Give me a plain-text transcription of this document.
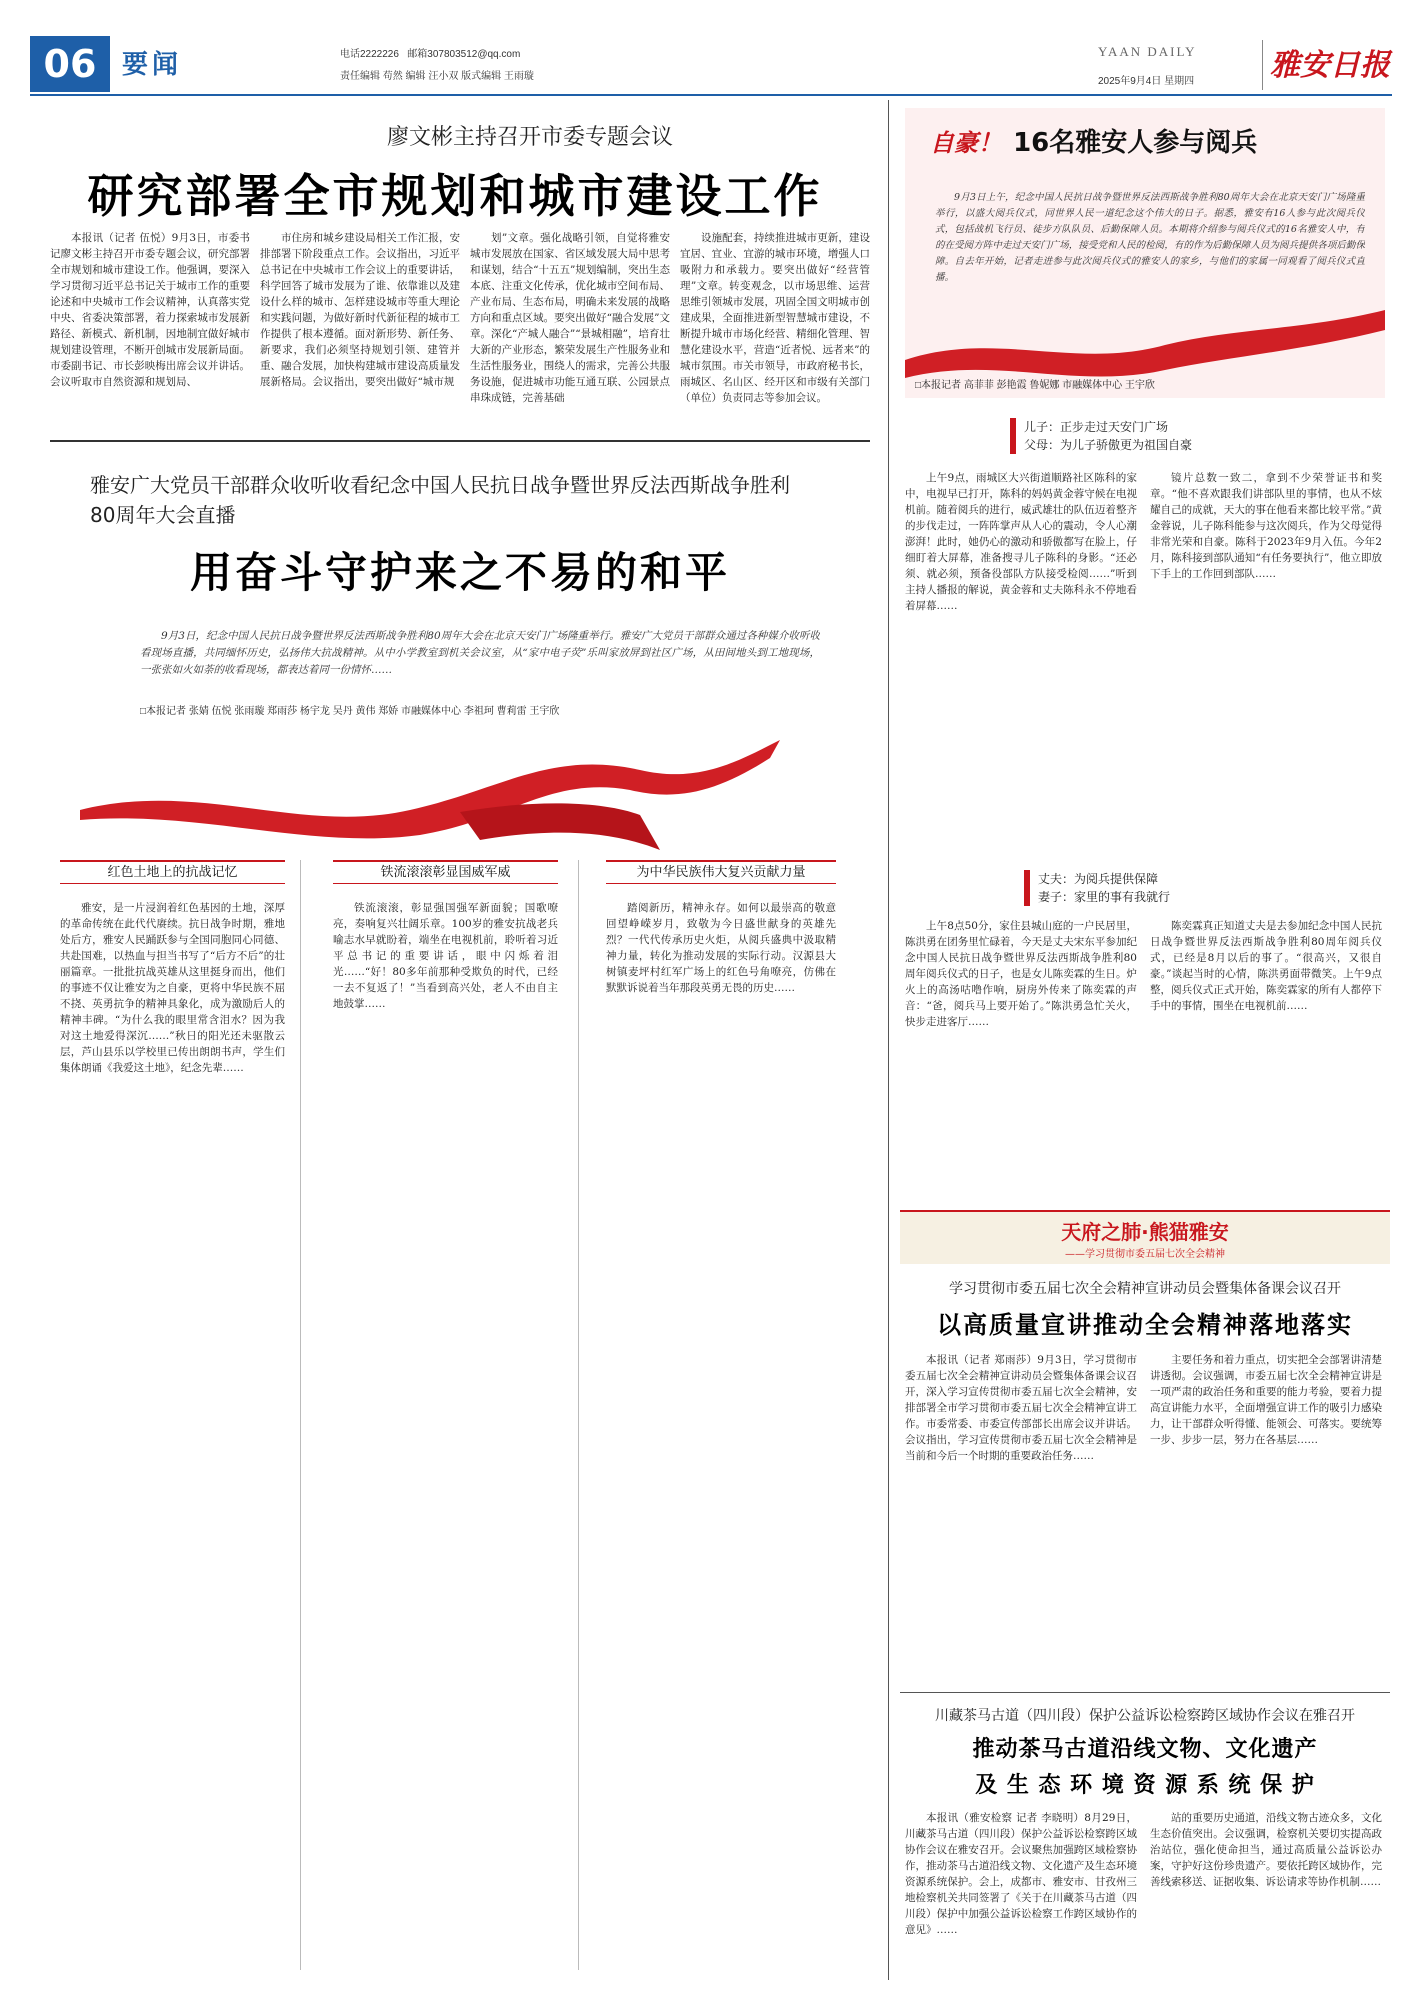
06 要闻	电话2222226 邮箱307803512@qq.com
责任编辑 苟然 编辑 汪小双 版式编辑 王雨璇
YAAN DAILY
2025年9月4日 星期四	雅安日报
廖文彬主持召开市委专题会议
研究部署全市规划和城市建设工作
本报讯（记者 伍悦）9月3日，市委书记廖文彬主持召开市委专题会议，研究部署全市规划和城市建设工作。他强调，要深入学习贯彻习近平总书记关于城市工作的重要论述和中央城市工作会议精神，认真落实党中央、省委决策部署，着力探索城市发展新路径、新模式、新机制，因地制宜做好城市规划建设管理，不断开创城市发展新局面。市委副书记、市长彭映梅出席会议并讲话。会议听取市自然资源和规划局、
市住房和城乡建设局相关工作汇报，安排部署下阶段重点工作。会议指出，习近平总书记在中央城市工作会议上的重要讲话，科学回答了城市发展为了谁、依靠谁以及建设什么样的城市、怎样建设城市等重大理论和实践问题，为做好新时代新征程的城市工作提供了根本遵循。面对新形势、新任务、新要求，我们必须坚持规划引领、建管并重、融合发展，加快构建城市建设高质量发展新格局。会议指出，要突出做好“城市规
划”文章。强化战略引领，自觉将雅安城市发展放在国家、省区域发展大局中思考和谋划，结合“十五五”规划编制，突出生态本底、注重文化传承，优化城市空间布局、产业布局、生态布局，明确未来发展的战略方向和重点区域。要突出做好“融合发展”文章。深化“产城人融合”“景城相融”，培育壮大新的产业形态，繁荣发展生产性服务业和生活性服务业，围绕人的需求，完善公共服务设施，促进城市功能互通互联、公园景点串珠成链，完善基础
设施配套，持续推进城市更新，建设宜居、宜业、宜游的城市环境，增强人口吸附力和承载力。要突出做好“经营管理”文章。转变观念，以市场思维、运营思维引领城市发展，巩固全国文明城市创建成果，全面推进新型智慧城市建设，不断提升城市市场化经营、精细化管理、智慧化建设水平，营造“近者悦、远者来”的城市氛围。市关市领导，市政府秘书长，雨城区、名山区、经开区和市级有关部门（单位）负责同志等参加会议。
雅安广大党员干部群众收听收看纪念中国人民抗日战争暨世界反法西斯战争胜利80周年大会直播
用奋斗守护来之不易的和平
9月3日，纪念中国人民抗日战争暨世界反法西斯战争胜利80周年大会在北京天安门广场隆重举行。雅安广大党员干部群众通过各种媒介收听收看现场直播，共同缅怀历史，弘扬伟大抗战精神。从中小学教室到机关会议室，从“家中电子荧”乐叫家放屏到社区广场，从田间地头到工地现场，一张张如火如荼的收看现场，都表达着同一份情怀……
□本报记者 张婧 伍悦 张雨璇 郑雨莎 杨宇龙 吴丹 黄伟 郑娇 市融媒体中心 李祖珂 曹莉雷 王宇欣
红色土地上的抗战记忆	铁流滚滚彰显国威军威	为中华民族伟大复兴贡献力量
雅安，是一片浸润着红色基因的土地，深厚的革命传统在此代代赓续。抗日战争时期，雅地处后方，雅安人民踊跃参与全国同胞同心同德、共赴国难，以热血与担当书写了“后方不后”的壮丽篇章。一批批抗战英雄从这里挺身而出，他们的事迹不仅让雅安为之自豪，更将中华民族不屈不挠、英勇抗争的精神具象化，成为激励后人的精神丰碑。“为什么我的眼里常含泪水？因为我对这土地爱得深沉……”秋日的阳光还未驱散云层，芦山县乐以学校里已传出朗朗书声，学生们集体朗诵《我爱这土地》，纪念先辈……
铁流滚滚，彰显强国强军新面貌；国歌嘹亮，奏响复兴壮阔乐章。100岁的雅安抗战老兵喻志水早就盼着，端坐在电视机前，聆听着习近平总书记的重要讲话，眼中闪烁着泪光……“好！80多年前那种受欺负的时代，已经一去不复返了！”当看到高兴处，老人不由自主地鼓掌……
踏阅新历，精神永存。如何以最崇高的敬意回望峥嵘岁月，致敬为今日盛世献身的英雄先烈？一代代传承历史火炬，从阅兵盛典中汲取精神力量，转化为推动发展的实际行动。汉源县大树镇麦坪村红军广场上的红色号角嘹亮，仿佛在默默诉说着当年那段英勇无畏的历史……
自豪！ 16名雅安人参与阅兵
9月3日上午，纪念中国人民抗日战争暨世界反法西斯战争胜利80周年大会在北京天安门广场隆重举行，以盛大阅兵仪式，同世界人民一道纪念这个伟大的日子。据悉，雅安有16人参与此次阅兵仪式，包括战机飞行员、徒步方队队员、后勤保障人员。本期将介绍参与阅兵仪式的16名雅安人中，有的在受阅方阵中走过天安门广场，接受党和人民的检阅，有的作为后勤保障人员为阅兵提供各项后勤保障。自去年开始，记者走进参与此次阅兵仪式的雅安人的家乡，与他们的家属一同观看了阅兵仪式直播。
□本报记者 高菲菲 彭艳霞 鲁妮娜 市融媒体中心 王宇欣
儿子：正步走过天安门广场
父母：为儿子骄傲更为祖国自豪
上午9点，雨城区大兴街道顺路社区陈科的家中，电视早已打开，陈科的妈妈黄金蓉守候在电视机前。随着阅兵的进行，威武雄壮的队伍迈着整齐的步伐走过，一阵阵掌声从人心的震动，令人心潮澎湃！此时，她仍心的激动和骄傲都写在脸上，仔细盯着大屏幕，准备搜寻儿子陈科的身影。“还必须、就必须，预备役部队方队接受检阅……”听到主持人播报的解说，黄金蓉和丈夫陈科永不停地看着屏幕……
镜片总数一致二，拿到不少荣誉证书和奖章。“他不喜欢跟我们讲部队里的事情，也从不炫耀自己的成就，天大的事在他看来都比较平常。”黄金蓉说，儿子陈科能参与这次阅兵，作为父母觉得非常光荣和自豪。陈科于2023年9月入伍。今年2月，陈科接到部队通知“有任务要执行”，他立即放下手上的工作回到部队……
丈夫：为阅兵提供保障
妻子：家里的事有我就行
上午8点50分，家住县城山庭的一户民居里，陈洪勇在团务里忙碌着，今天是丈夫宋东平参加纪念中国人民抗日战争暨世界反法西斯战争胜利80周年阅兵仪式的日子，也是女儿陈奕霖的生日。炉火上的高汤咕噜作响，厨房外传来了陈奕霖的声音：“爸，阅兵马上要开始了。”陈洪勇急忙关火，快步走进客厅……
陈奕霖真正知道丈夫是去参加纪念中国人民抗日战争暨世界反法西斯战争胜利80周年阅兵仪式，已经是8月以后的事了。“很高兴，又很自豪。”谈起当时的心情，陈洪勇面带微笑。上午9点整，阅兵仪式正式开始，陈奕霖家的所有人都停下手中的事情，围坐在电视机前……
天府之肺·熊猫雅安
——学习贯彻市委五届七次全会精神
学习贯彻市委五届七次全会精神宣讲动员会暨集体备课会议召开
以高质量宣讲推动全会精神落地落实
本报讯（记者 郑雨莎）9月3日，学习贯彻市委五届七次全会精神宣讲动员会暨集体备课会议召开，深入学习宣传贯彻市委五届七次全会精神，安排部署全市学习贯彻市委五届七次全会精神宣讲工作。市委常委、市委宣传部部长出席会议并讲话。会议指出，学习宣传贯彻市委五届七次全会精神是当前和今后一个时期的重要政治任务……
主要任务和着力重点，切实把全会部署讲清楚讲透彻。会议强调，市委五届七次全会精神宣讲是一项严肃的政治任务和重要的能力考验，要着力提高宣讲能力水平，全面增强宣讲工作的吸引力感染力，让干部群众听得懂、能领会、可落实。要统筹一步、步步一层，努力在各基层……
川藏茶马古道（四川段）保护公益诉讼检察跨区域协作会议在雅召开
推动茶马古道沿线文物、文化遗产
及 生 态 环 境 资 源 系 统 保 护
本报讯（雅安检察 记者 李晓明）8月29日，川藏茶马古道（四川段）保护公益诉讼检察跨区域协作会议在雅安召开。会议聚焦加强跨区域检察协作，推动茶马古道沿线文物、文化遗产及生态环境资源系统保护。会上，成都市、雅安市、甘孜州三地检察机关共同签署了《关于在川藏茶马古道（四川段）保护中加强公益诉讼检察工作跨区域协作的意见》……
站的重要历史通道，沿线文物古迹众多，文化生态价值突出。会议强调，检察机关要切实提高政治站位，强化使命担当，通过高质量公益诉讼办案，守护好这份珍贵遗产。要依托跨区域协作，完善线索移送、证据收集、诉讼请求等协作机制……
